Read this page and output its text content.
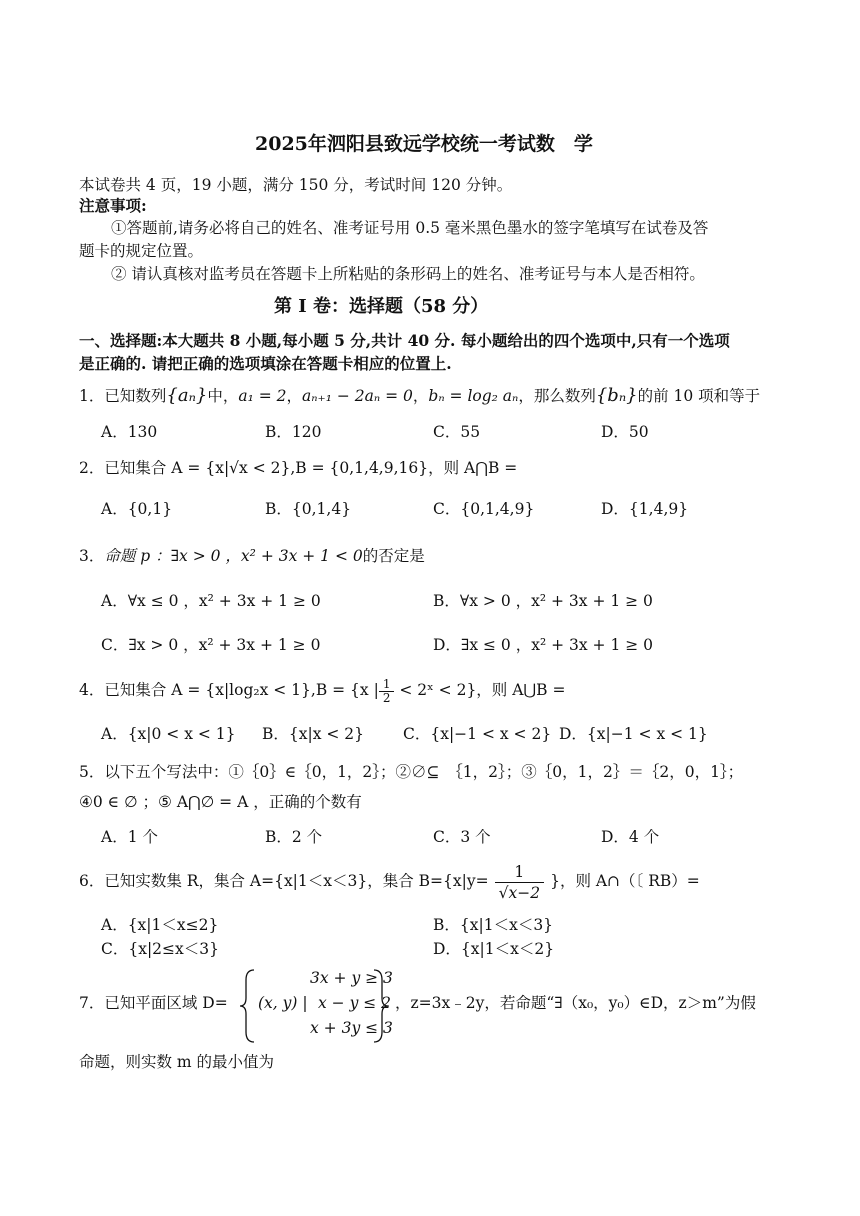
2025年泗阳县致远学校统一考试数　学
本试卷共 4 页，19 小题，满分 150 分，考试时间 120 分钟。
注意事项:
①答题前,请务必将自己的姓名、准考证号用 0.5 毫米黑色墨水的签字笔填写在试卷及答
题卡的规定位置。
② 请认真核对监考员在答题卡上所粘贴的条形码上的姓名、准考证号与本人是否相符。
第 I 卷：选择题（58 分）
一、选择题:本大题共 8 小题,每小题 5 分,共计 40 分. 每小题给出的四个选项中,只有一个选项
是正确的. 请把正确的选项填涂在答题卡相应的位置上.
1．已知数列{aₙ}中，a₁ = 2，aₙ₊₁ − 2aₙ = 0，bₙ = log₂ aₙ，那么数列{bₙ}的前 10 项和等于
A．130	B．120	C．55	D．50
2．已知集合 A = {x|√x < 2},B = {0,1,4,9,16}，则 A⋂B =
A．{0,1}	B．{0,1,4}	C．{0,1,4,9}	D．{1,4,9}
3．命题 p ：∃x > 0 ，x² + 3x + 1 < 0的否定是
A．∀x ≤ 0 ，x² + 3x + 1 ≥ 0	B．∀x > 0 ，x² + 3x + 1 ≥ 0
C．∃x > 0 ，x² + 3x + 1 ≥ 0	D．∃x ≤ 0 ，x² + 3x + 1 ≥ 0
4．已知集合 A = {x|log₂x < 1},B = {x | $\frac{1}{2}$ < 2ˣ < 2}，则 A⋃B =
A．{x|0 < x < 1} B．{x|x < 2}	C．{x|−1 < x < 2} D．{x|−1 < x < 1}
5．以下五个写法中：①｛0｝∈｛0，1，2｝；②∅⊆　｛1，2｝；③｛0，1，2｝＝｛2，0，1｝；
④0 ∈ ∅ ；⑤ A⋂∅ = A ，正确的个数有
A．1 个	B．2 个	C．3 个	D．4 个
6．已知实数集 R，集合 A={x|1＜x＜3}，集合 $B=\{x|y= \frac{1}{√x-2}$ }，则 A∩（〔 RB）=
A．{x|1＜x≤2}	B．{x|1＜x＜3}
C．{x|2≤x＜3}	D．{x|1＜x＜2}
7．已知平面区域 D= (x, y) |
3x + y ≥ 3
x − y ≤ 2
x + 3y ≤ 3
，z=3x﹣2y，若命题“∃（x₀，y₀）∈D，z＞m”为假
命题，则实数 m 的最小值为
